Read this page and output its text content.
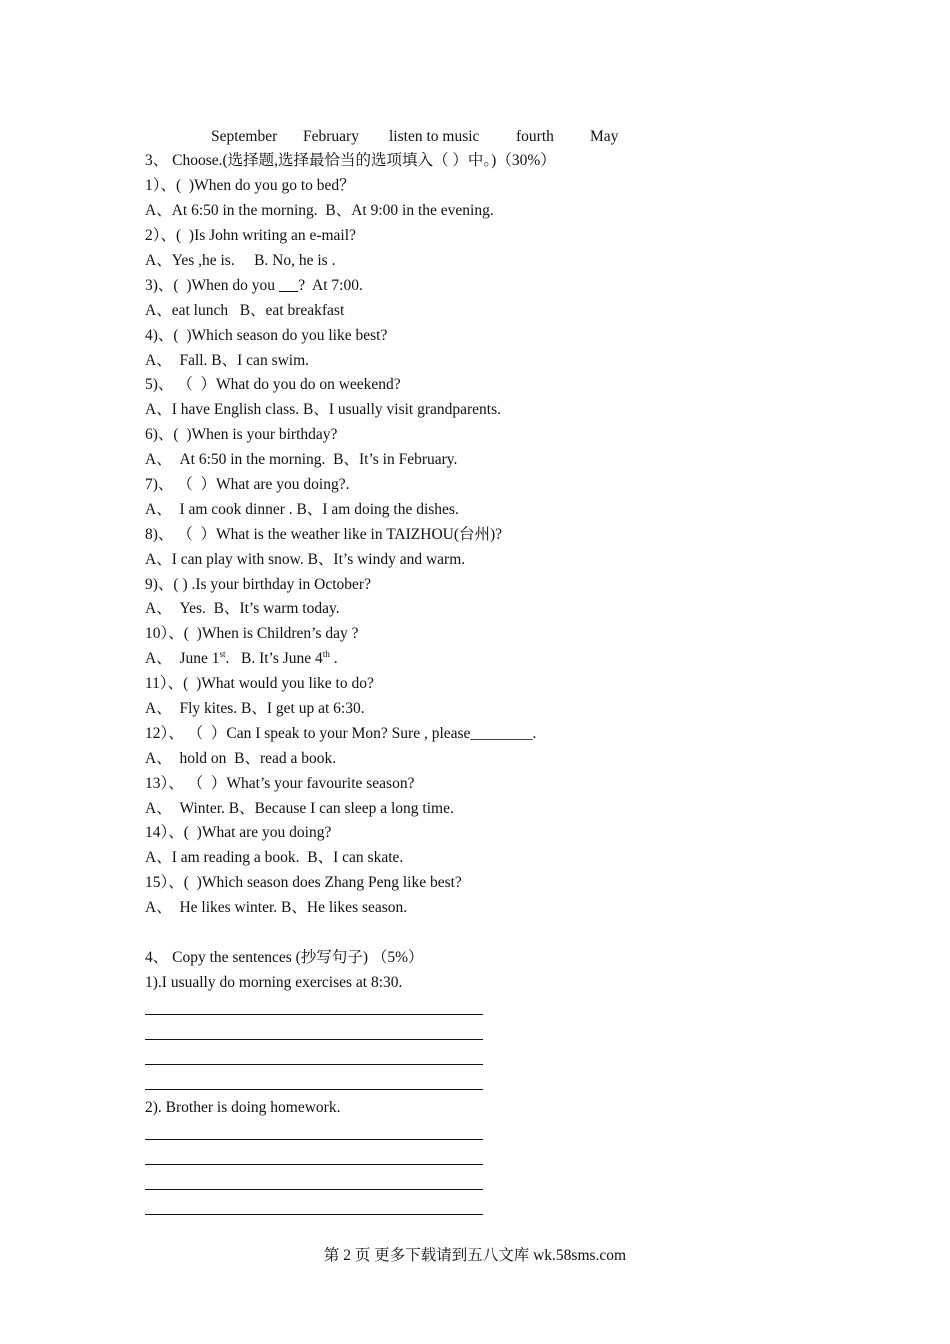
September February listen to music fourth May
3、 Choose.(选择题,选择最恰当的选项填入（ ）中。)（30%）
1）、(  )When do you go to bed？
A、At 6:50 in the morning.  B、At 9:00 in the evening.
2）、(  )Is John writing an e-mail?
A、Yes ,he is.     B. No, he is .
3)、(  )When do you      ?  At 7:00.
A、eat lunch   B、eat breakfast
4)、(  )Which season do you like best?
A、  Fall. B、I can swim.
5)、 （  ）What do you do on weekend?
A、I have English class. B、I usually visit grandparents.
6)、(  )When is your birthday?
A、  At 6:50 in the morning.  B、It’s in February.
7)、 （  ）What are you doing?.
A、  I am cook dinner . B、I am doing the dishes.
8)、 （  ）What is the weather like in TAIZHOU(台州)?
A、I can play with snow. B、It’s windy and warm.
9)、( ) .Is your birthday in October?
A、  Yes.  B、It’s warm today.
10）、(  )When is Children’s day ?
A、  June 1st.   B. It’s June 4th .
11）、(  )What would you like to do?
A、  Fly kites. B、I get up at 6:30.
12）、 （  ）Can I speak to your Mon? Sure , please________.
A、  hold on  B、read a book.
13）、 （  ）What’s your favourite season?
A、  Winter. B、Because I can sleep a long time.
14）、(  )What are you doing?
A、I am reading a book.  B、I can skate.
15）、(  )Which season does Zhang Peng like best?
A、  He likes winter. B、He likes season.
4、 Copy the sentences (抄写句子) （5%）
1).I usually do morning exercises at 8:30.
2). Brother is doing homework.
第 2 页 更多下载请到五八文库 wk.58sms.com
